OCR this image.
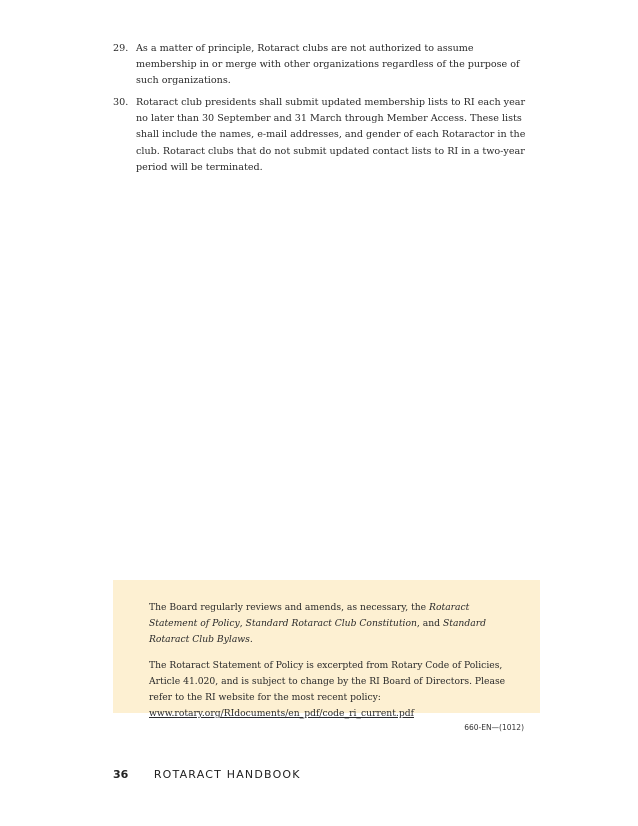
29. As a matter of principle, Rotaract clubs are not authorized to assume membership in or merge with other organizations regardless of the purpose of such organizations.
30. Rotaract club presidents shall submit updated membership lists to RI each year no later than 30 September and 31 March through Member Access. These lists shall include the names, e-mail addresses, and gender of each Rotaractor in the club. Rotaract clubs that do not submit updated contact lists to RI in a two-year period will be terminated.

The Board regularly reviews and amends, as necessary, the Rotaract Statement of Policy, Standard Rotaract Club Constitution, and Standard Rotaract Club Bylaws.

The Rotaract Statement of Policy is excerpted from Rotary Code of Policies, Article 41.020, and is subject to change by the RI Board of Directors. Please refer to the RI website for the most recent policy:
www.rotary.org/RIdocuments/en_pdf/code_ri_current.pdf

660-EN—(1012)
36 ROTARACT HANDBOOK
